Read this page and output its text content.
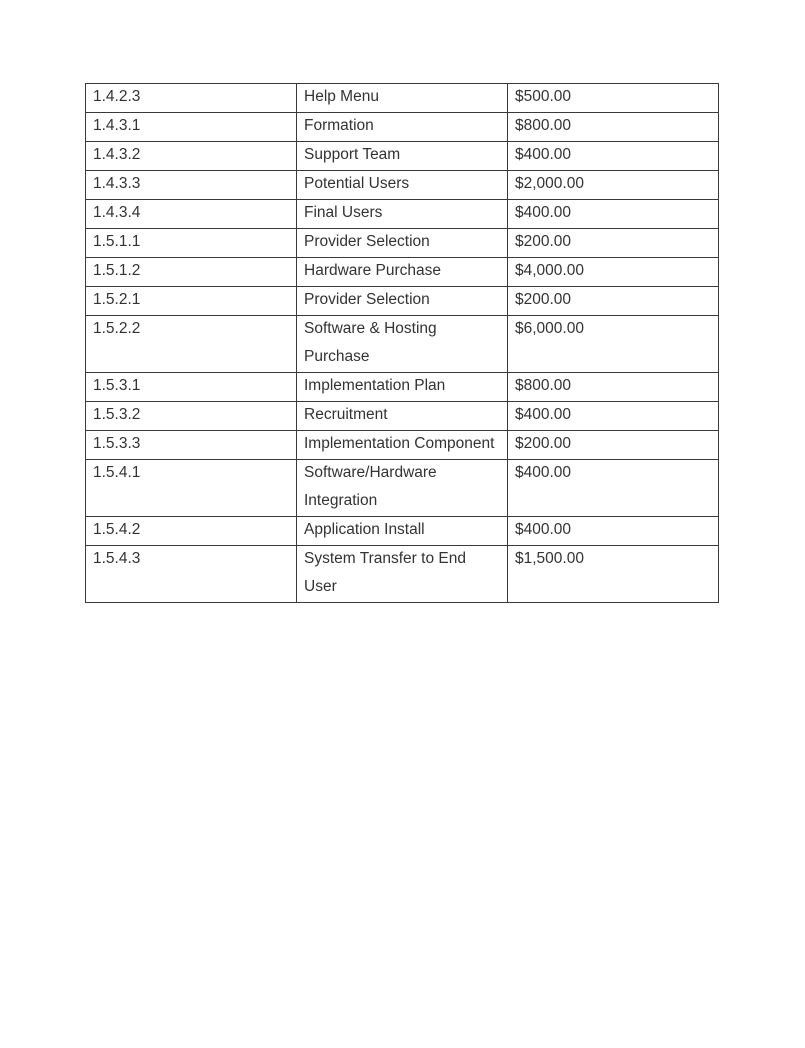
1.4.2.3	Help Menu	$500.00

1.4.3.1	Formation	$800.00

1.4.3.2	Support Team	$400.00

1.4.3.3	Potential Users	$2,000.00

1.4.3.4	Final Users	$400.00

1.5.1.1	Provider Selection	$200.00

1.5.1.2	Hardware Purchase	$4,000.00

1.5.2.1	Provider Selection	$200.00

1.5.2.2	Software & Hosting Purchase	$6,000.00

1.5.3.1	Implementation Plan	$800.00

1.5.3.2	Recruitment	$400.00

1.5.3.3	Implementation Component	$200.00

1.5.4.1	Software/Hardware Integration	$400.00

1.5.4.2	Application Install	$400.00

1.5.4.3	System Transfer to End User	$1,500.00
